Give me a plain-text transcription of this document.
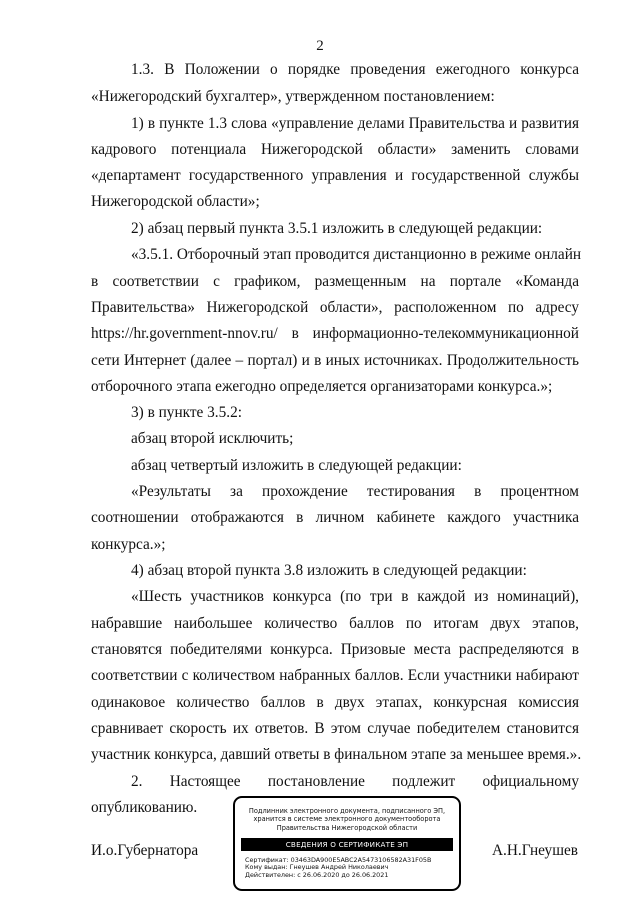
2
1.3. В Положении о порядке проведения ежегодного конкурса
«Нижегородский бухгалтер», утвержденном постановлением:
1) в пункте 1.3 слова «управление делами Правительства и развития
кадрового потенциала Нижегородской области» заменить словами
«департамент государственного управления и государственной службы
Нижегородской области»;
2) абзац первый пункта 3.5.1 изложить в следующей редакции:
«3.5.1. Отборочный этап проводится дистанционно в режиме онлайн
в соответствии с графиком, размещенным на портале «Команда
Правительства» Нижегородской области», расположенном по адресу
https://hr.government-nnov.ru/ в информационно-телекоммуникационной
сети Интернет (далее – портал) и в иных источниках. Продолжительность
отборочного этапа ежегодно определяется организаторами конкурса.»;
3) в пункте 3.5.2:
абзац второй исключить;
абзац четвертый изложить в следующей редакции:
«Результаты за прохождение тестирования в процентном
соотношении отображаются в личном кабинете каждого участника
конкурса.»;
4) абзац второй пункта 3.8 изложить в следующей редакции:
«Шесть участников конкурса (по три в каждой из номинаций),
набравшие наибольшее количество баллов по итогам двух этапов,
становятся победителями конкурса. Призовые места распределяются в
соответствии с количеством набранных баллов. Если участники набирают
одинаковое количество баллов в двух этапах, конкурсная комиссия
сравнивает скорость их ответов. В этом случае победителем становится
участник конкурса, давший ответы в финальном этапе за меньшее время.».
2. Настоящее постановление подлежит официальному
опубликованию.
И.о.Губернатора	А.Н.Гнеушев
Подлинник электронного документа, подписанного ЭП,
хранится в системе электронного документооборота
Правительства Нижегородской области
СВЕДЕНИЯ О СЕРТИФИКАТЕ ЭП
Сертификат: 03463DA900E5ABC2A5473106582A31F05B
Кому выдан: Гнеушев Андрей Николаевич
Действителен: с 26.06.2020 до 26.06.2021
